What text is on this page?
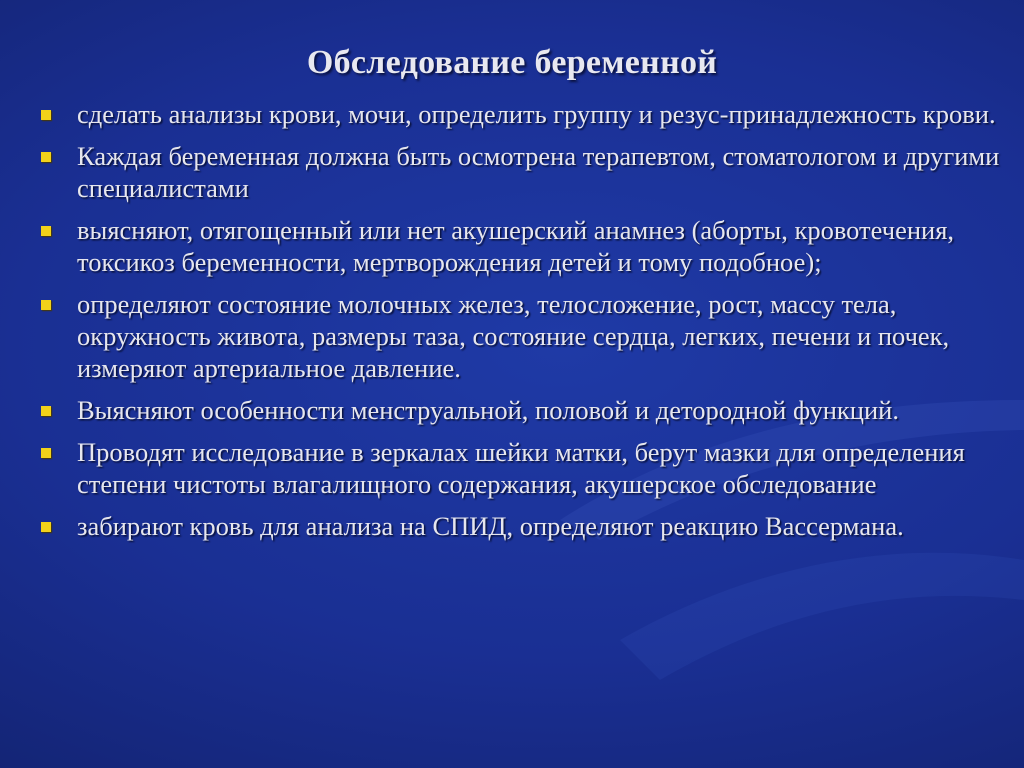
Обследование беременной
сделать анализы крови, мочи, определить группу и резус-принадлежность крови.
Каждая беременная должна быть осмотрена терапевтом, стоматологом и другими специалистами
выясняют, отягощенный или нет акушерский анамнез (аборты, кровотечения, токсикоз беременности, мертворождения детей и тому подобное);
определяют состояние молочных желез, телосложение, рост, массу тела, окружность живота, размеры таза, состояние сердца, легких, печени и почек, измеряют артериальное давление.
Выясняют особенности менструальной, половой и детородной функций.
Проводят исследование в зеркалах шейки матки, берут мазки для определения степени чистоты влагалищного содержания, акушерское обследование
забирают кровь для анализа на СПИД, определяют реакцию Вассермана.
